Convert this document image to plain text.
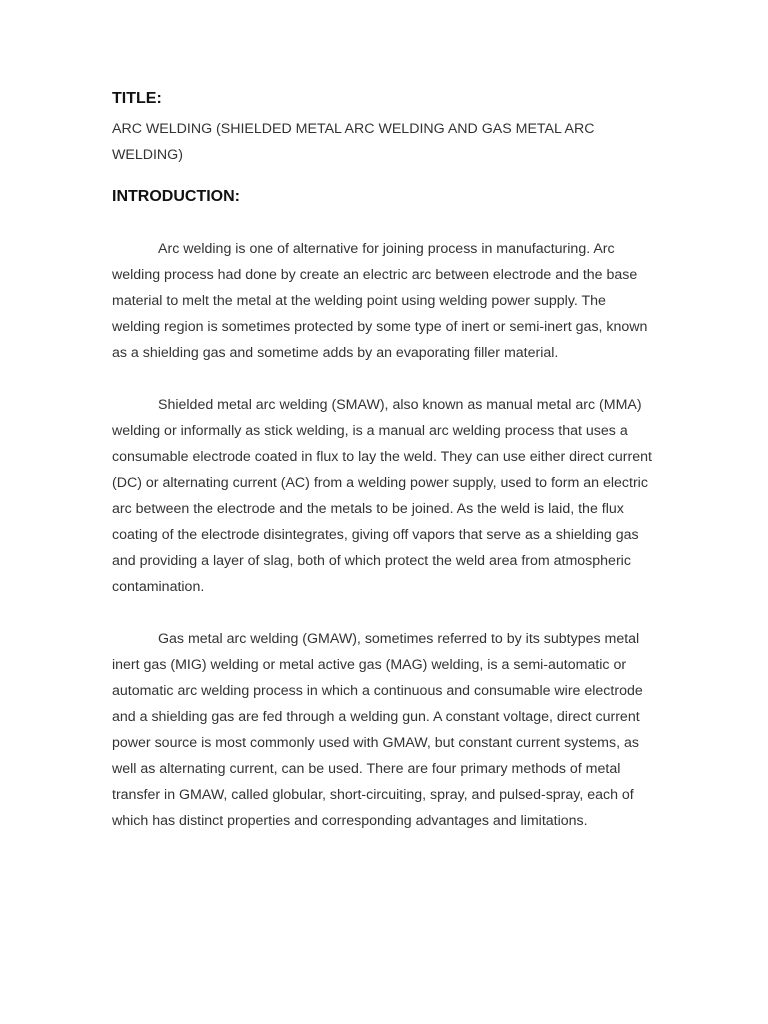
TITLE:

ARC WELDING (SHIELDED METAL ARC WELDING AND GAS METAL ARC WELDING)

INTRODUCTION:

Arc welding is one of alternative for joining process in manufacturing. Arc welding process had done by create an electric arc between electrode and the base material to melt the metal at the welding point using welding power supply. The welding region is sometimes protected by some type of inert or semi-inert gas, known as a shielding gas and sometime adds by an evaporating filler material.

Shielded metal arc welding (SMAW), also known as manual metal arc (MMA) welding or informally as stick welding, is a manual arc welding process that uses a consumable electrode coated in flux to lay the weld. They can use either direct current (DC) or alternating current (AC) from a welding power supply, used to form an electric arc between the electrode and the metals to be joined. As the weld is laid, the flux coating of the electrode disintegrates, giving off vapors that serve as a shielding gas and providing a layer of slag, both of which protect the weld area from atmospheric contamination.

Gas metal arc welding (GMAW), sometimes referred to by its subtypes metal inert gas (MIG) welding or metal active gas (MAG) welding, is a semi-automatic or automatic arc welding process in which a continuous and consumable wire electrode and a shielding gas are fed through a welding gun. A constant voltage, direct current power source is most commonly used with GMAW, but constant current systems, as well as alternating current, can be used. There are four primary methods of metal transfer in GMAW, called globular, short-circuiting, spray, and pulsed-spray, each of which has distinct properties and corresponding advantages and limitations.
